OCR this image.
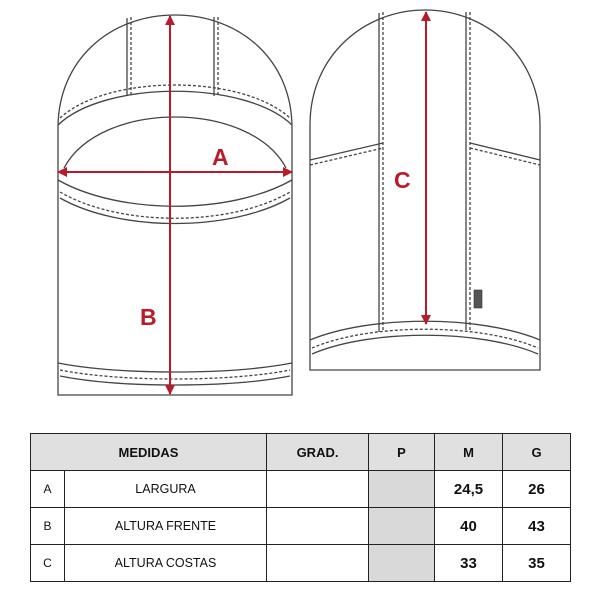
A
B
C
MEDIDAS		GRAD.	P	M	G
A	LARGURA			24,5	26
B	ALTURA FRENTE			40	43
C	ALTURA COSTAS			33	35
